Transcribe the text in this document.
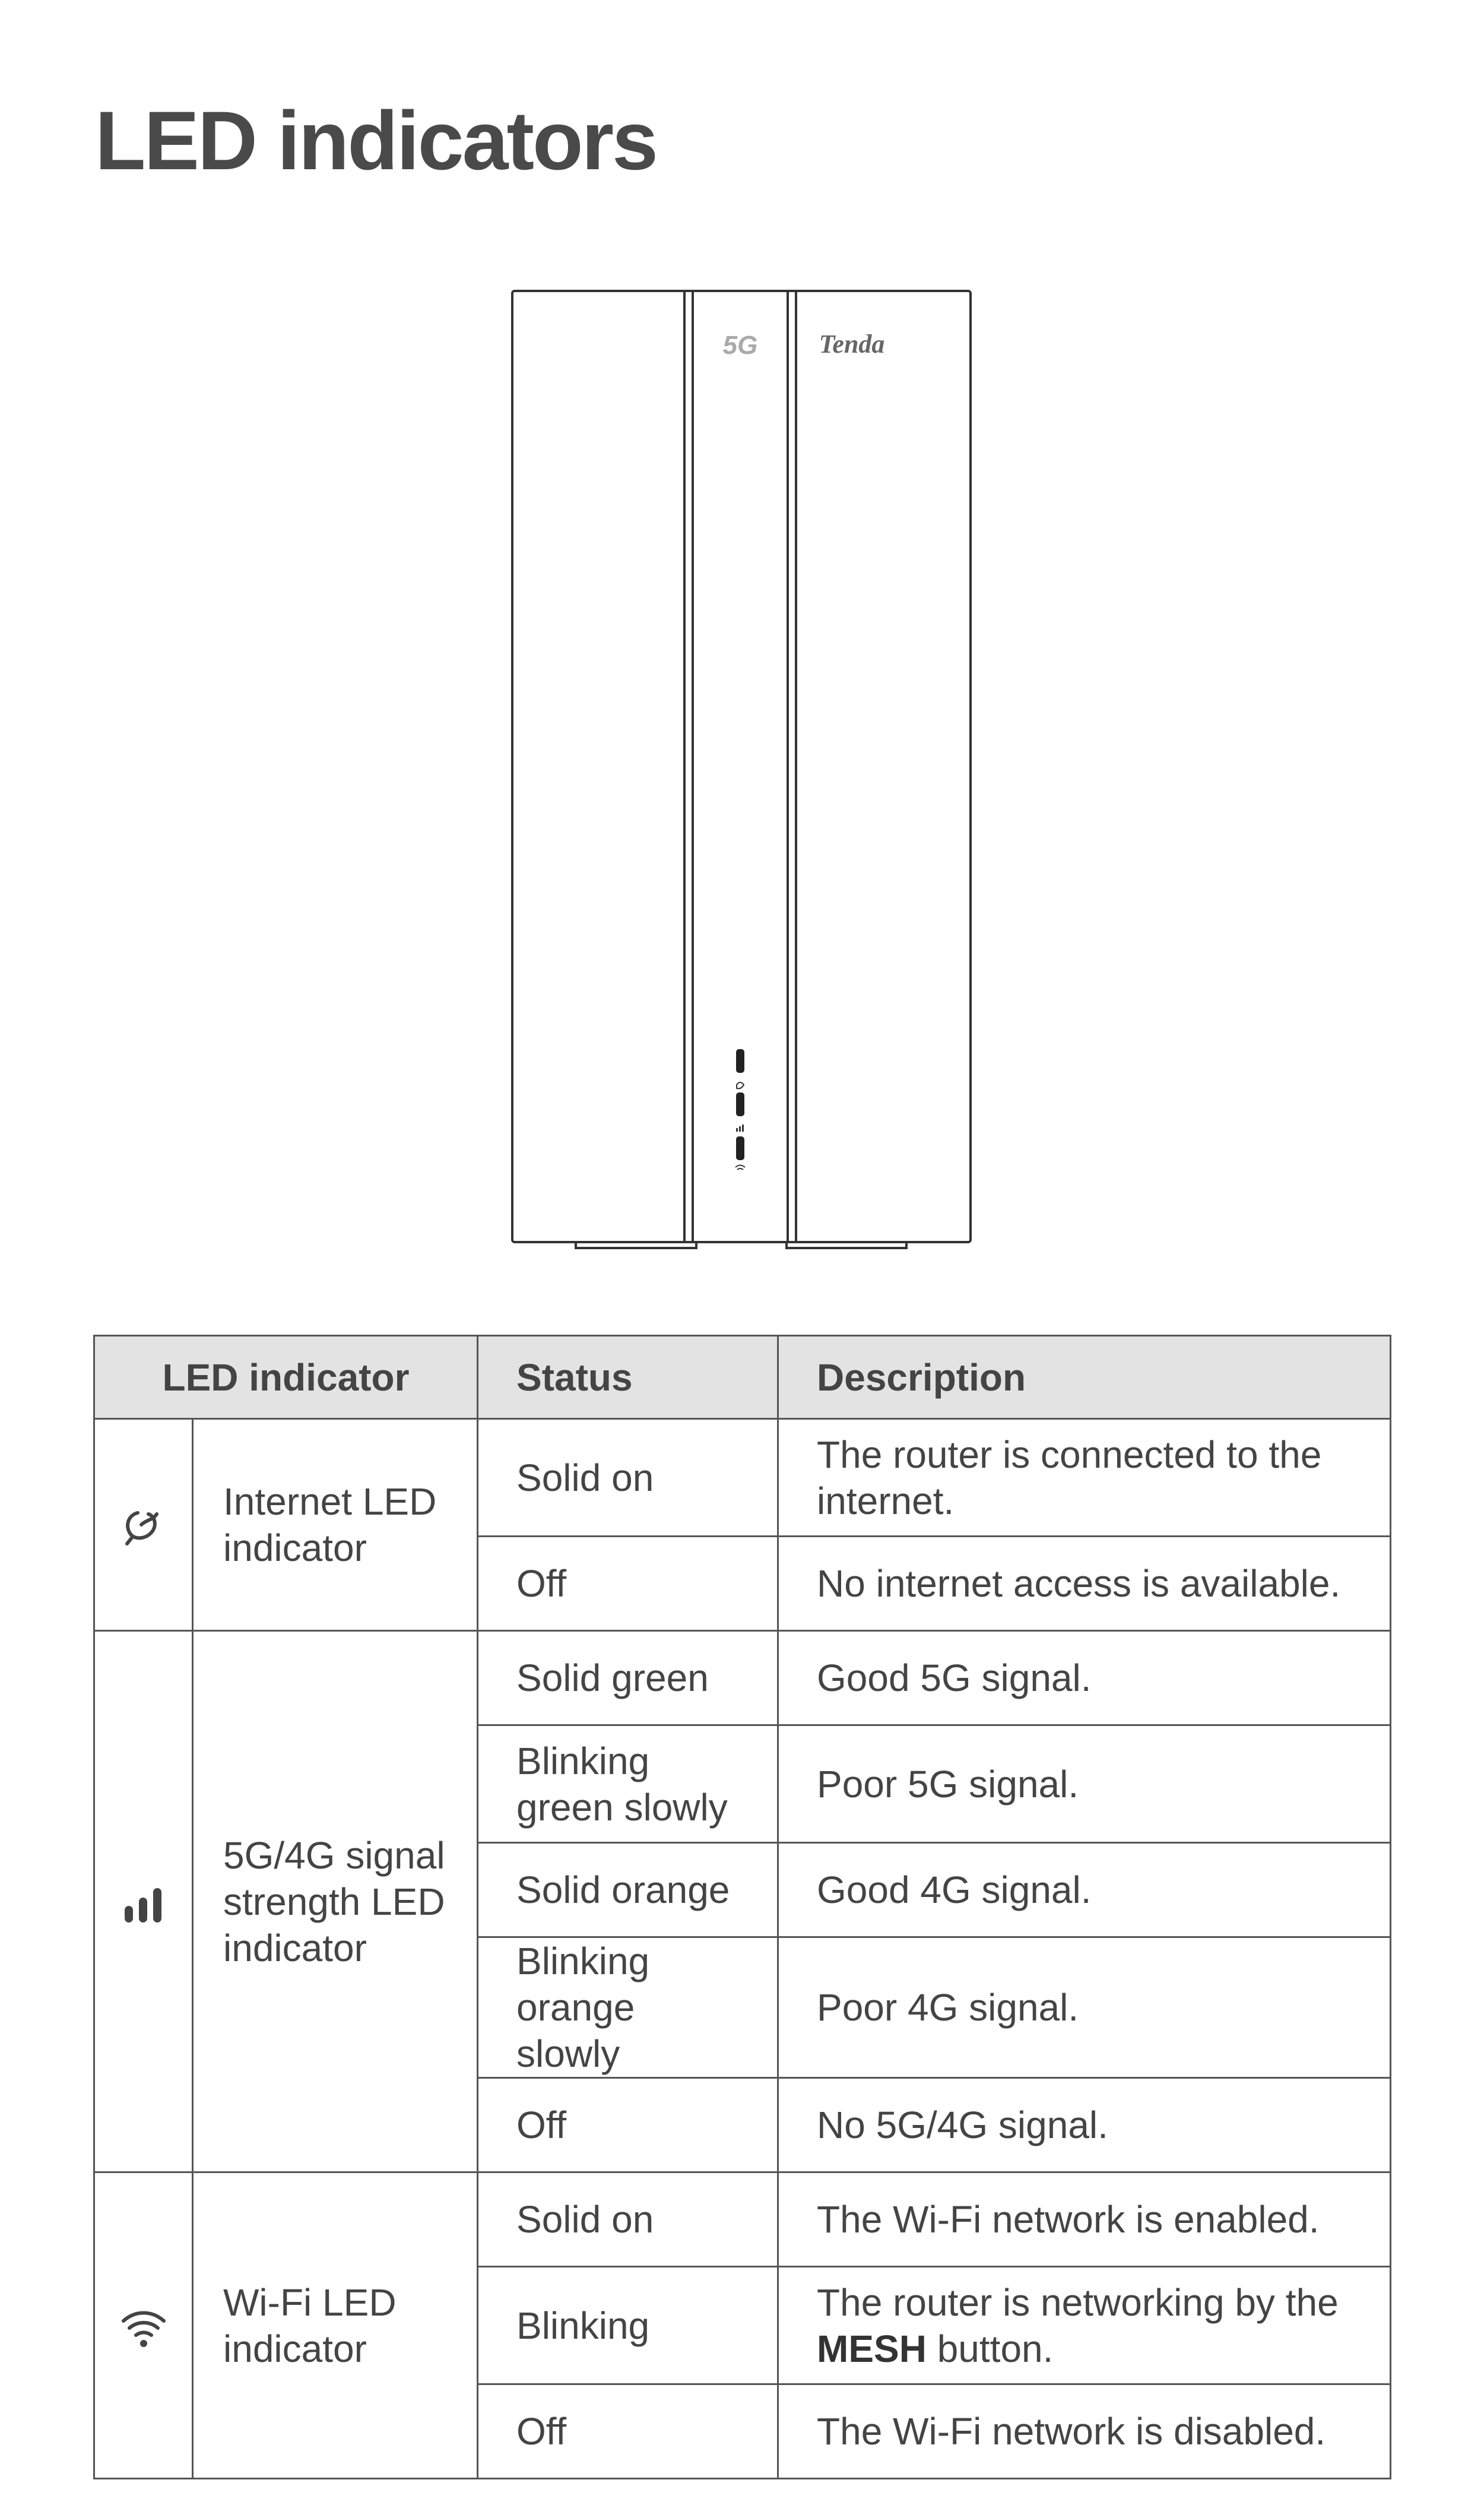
LED indicators
5G Tenda
LED indicator		Status	Description
	Internet LED indicator	Solid on	The router is connected to the internet.
		Off	No internet access is available.
	5G/4G signal strength LED indicator	Solid green	Good 5G signal.
		Blinking green slowly	Poor 5G signal.
		Solid orange	Good 4G signal.
		Blinking orange slowly	Poor 4G signal.
		Off	No 5G/4G signal.
	Wi-Fi LED indicator	Solid on	The Wi-Fi network is enabled.
		Blinking	The router is networking by the MESH button.
		Off	The Wi-Fi network is disabled.
